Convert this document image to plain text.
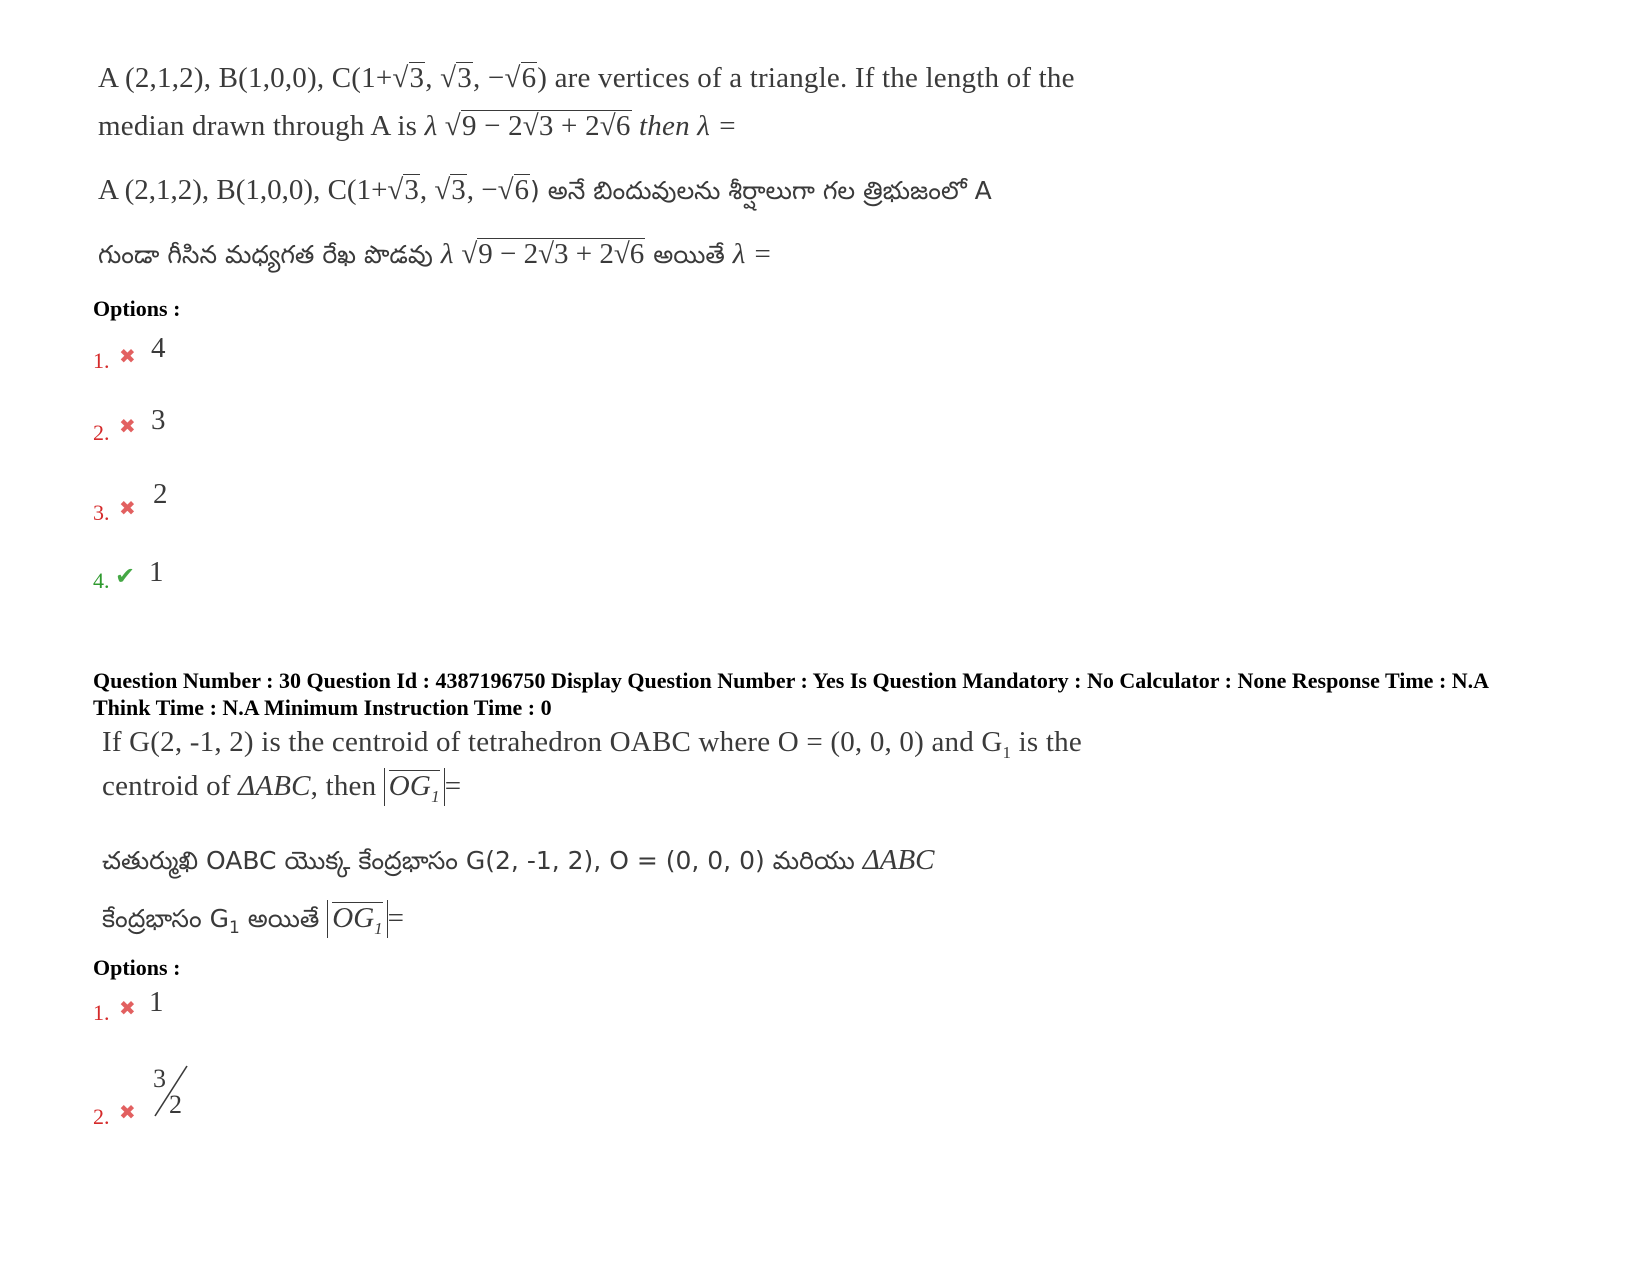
A (2,1,2), B(1,0,0), C(1+√3, √3, −√6) are vertices of a triangle. If the length of the
median drawn through A is λ √9 − 2√3 + 2√6 then λ =
A (2,1,2), B(1,0,0), C(1+√3, √3, −√6) అనే బిందువులను శీర్షాలుగా గల త్రిభుజంలో A
గుండా గీసిన మధ్యగత రేఖ పొడవు λ √9 − 2√3 + 2√6 అయితే λ =
Options :
1. ✖ 4
2. ✖ 3
3. ✖ 2
4. ✔ 1
Question Number : 30 Question Id : 4387196750 Display Question Number : Yes Is Question Mandatory : No Calculator : None Response Time : N.A Think Time : N.A Minimum Instruction Time : 0
If G(2, -1, 2) is the centroid of tetrahedron OABC where O = (0, 0, 0) and $G_1$ is the
centroid of ΔABC, then $OG_1$ =
చతుర్ముఖి OABC యొక్క కేంద్రభాసం G(2, -1, 2), O = (0, 0, 0) మరియు ΔABC
కేంద్రభాసం $G_1$ అయితే $OG_1$ =
Options :
1. ✖ 1
2. ✖
3
2
